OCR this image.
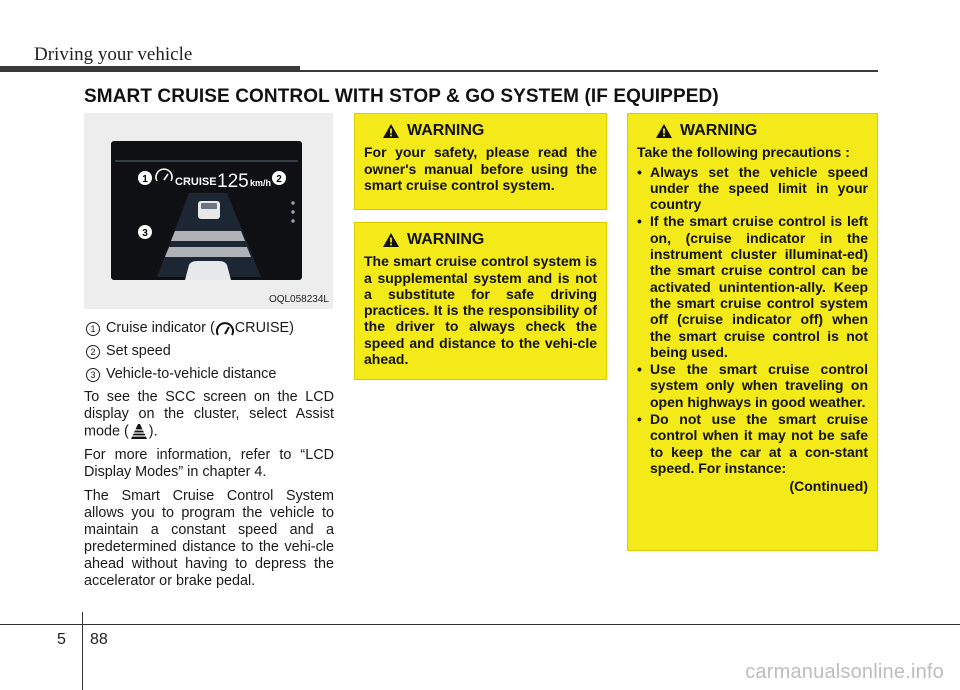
Driving your vehicle
SMART CRUISE CONTROL WITH STOP & GO SYSTEM (IF EQUIPPED)
1 CRUISE 125 km/h 2
3
OQL058234L
1 Cruise indicator ( CRUISE)
2 Set speed
3 Vehicle-to-vehicle distance

To see the SCC screen on the LCD display on the cluster, select Assist mode ( ).

For more information, refer to “LCD Display Modes” in chapter 4.

The Smart Cruise Control System allows you to program the vehicle to maintain a constant speed and a predetermined distance to the vehi-cle ahead without having to depress the accelerator or brake pedal.

WARNING

For your safety, please read the owner's manual before using the smart cruise control system.

WARNING

The smart cruise control system is a supplemental system and is not a substitute for safe driving practices. It is the responsibility of the driver to always check the speed and distance to the vehi-cle ahead.

WARNING

Take the following precautions :

• Always set the vehicle speed under the speed limit in your country
• If the smart cruise control is left on, (cruise indicator in the instrument cluster illuminat-ed) the smart cruise control can be activated unintention-ally. Keep the smart cruise control system off (cruise indicator off) when the smart cruise control is not being used.
• Use the smart cruise control system only when traveling on open highways in good weather.
• Do not use the smart cruise control when it may not be safe to keep the car at a con-stant speed. For instance:
(Continued)
5 88
carmanualsonline.info
